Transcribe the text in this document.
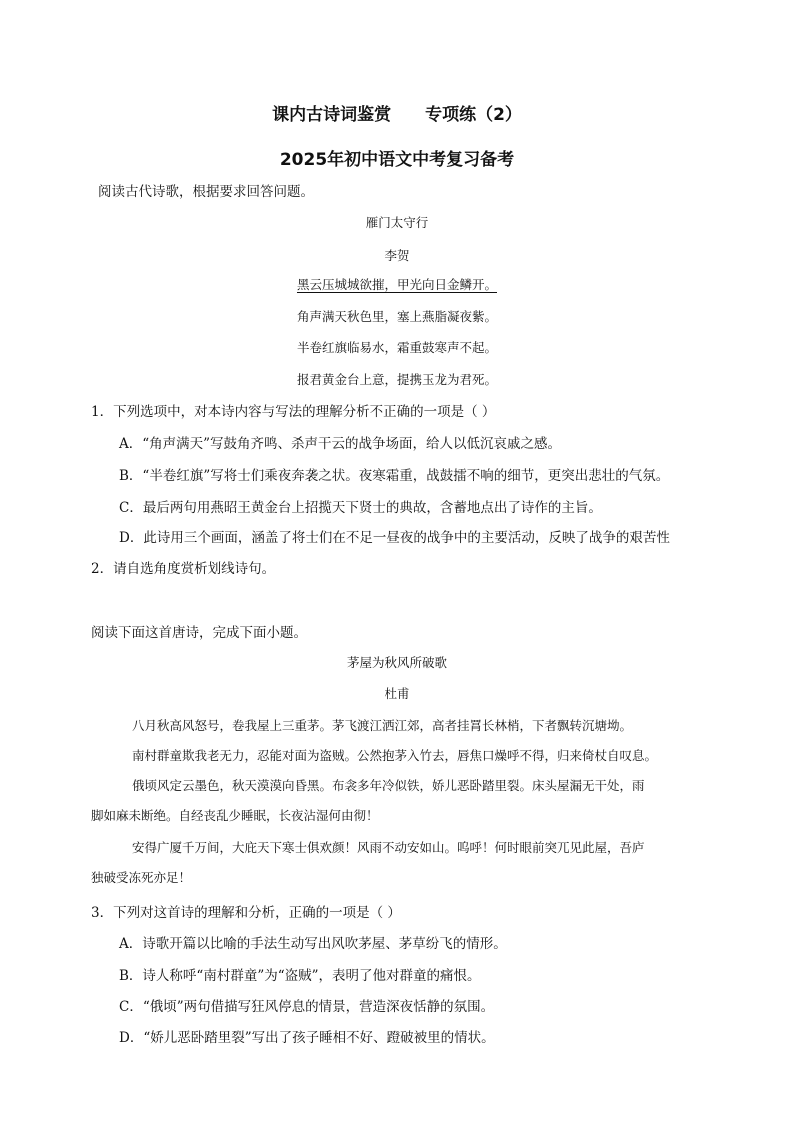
课内古诗词鉴赏 专项练（2）
2025年初中语文中考复习备考
阅读古代诗歌，根据要求回答问题。
雁门太守行
李贺
黑云压城城欲摧，甲光向日金鳞开。
角声满天秋色里，塞上燕脂凝夜紫。
半卷红旗临易水，霜重鼓寒声不起。
报君黄金台上意，提携玉龙为君死。
1．下列选项中，对本诗内容与写法的理解分析不正确的一项是（ ）
A．“角声满天”写鼓角齐鸣、杀声干云的战争场面，给人以低沉哀戚之感。
B．“半卷红旗”写将士们乘夜奔袭之状。夜寒霜重，战鼓擂不响的细节，更突出悲壮的气氛。
C．最后两句用燕昭王黄金台上招揽天下贤士的典故，含蓄地点出了诗作的主旨。
D．此诗用三个画面，涵盖了将士们在不足一昼夜的战争中的主要活动，反映了战争的艰苦性
2．请自选角度赏析划线诗句。
阅读下面这首唐诗，完成下面小题。
茅屋为秋风所破歌
杜甫
八月秋高风怒号，卷我屋上三重茅。茅飞渡江洒江郊，高者挂罥长林梢，下者飘转沉塘坳。
南村群童欺我老无力，忍能对面为盗贼。公然抱茅入竹去，唇焦口燥呼不得，归来倚杖自叹息。
俄顷风定云墨色，秋天漠漠向昏黑。布衾多年冷似铁，娇儿恶卧踏里裂。床头屋漏无干处，雨
脚如麻未断绝。自经丧乱少睡眠，长夜沾湿何由彻！
安得广厦千万间，大庇天下寒士俱欢颜！风雨不动安如山。呜呼！何时眼前突兀见此屋，吾庐
独破受冻死亦足！
3．下列对这首诗的理解和分析，正确的一项是（ ）
A．诗歌开篇以比喻的手法生动写出风吹茅屋、茅草纷飞的情形。
B．诗人称呼“南村群童”为“盗贼”，表明了他对群童的痛恨。
C．“俄顷”两句借描写狂风停息的情景，营造深夜恬静的氛围。
D．“娇儿恶卧踏里裂”写出了孩子睡相不好、蹬破被里的情状。
